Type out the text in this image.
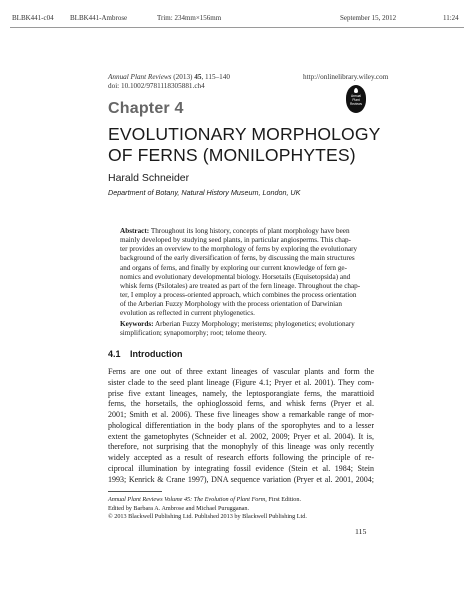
BLBK441-c04 BLBK441-Ambrose	Trim: 234mm×156mm	September 15, 2012	11:24
Annual Plant Reviews (2013) 45, 115–140
doi: 10.1002/9781118305881.ch4
http://onlinelibrary.wiley.com
Annual
Plant
Reviews
Chapter 4
EVOLUTIONARY MORPHOLOGY
OF FERNS (MONILOPHYTES)
Harald Schneider
Department of Botany, Natural History Museum, London, UK
Abstract: Throughout its long history, concepts of plant morphology have been
mainly developed by studying seed plants, in particular angiosperms. This chap-
ter provides an overview to the morphology of ferns by exploring the evolutionary
background of the early diversification of ferns, by discussing the main structures
and organs of ferns, and finally by exploring our current knowledge of fern ge-
nomics and evolutionary developmental biology. Horsetails (Equisetopsida) and
whisk ferns (Psilotales) are treated as part of the fern lineage. Throughout the chap-
ter, I employ a process-oriented approach, which combines the process orientation
of the Arberian Fuzzy Morphology with the process orientation of Darwinian
evolution as reflected in current phylogenetics.
Keywords: Arberian Fuzzy Morphology; meristems; phylogenetics; evolutionary
simplification; synapomorphy; root; telome theory.
4.1 Introduction
Ferns are one out of three extant lineages of vascular plants and form the
sister clade to the seed plant lineage (Figure 4.1; Pryer et al. 2001). They com-
prise five extant lineages, namely, the leptosporangiate ferns, the marattioid
ferns, the horsetails, the ophioglossoid ferns, and whisk ferns (Pryer et al.
2001; Smith et al. 2006). These five lineages show a remarkable range of mor-
phological differentiation in the body plans of the sporophytes and to a lesser
extent the gametophytes (Schneider et al. 2002, 2009; Pryer et al. 2004). It is,
therefore, not surprising that the monophyly of this lineage was only recently
widely accepted as a result of research efforts following the principle of re-
ciprocal illumination by integrating fossil evidence (Stein et al. 1984; Stein
1993; Kenrick & Crane 1997), DNA sequence variation (Pryer et al. 2001, 2004;
Annual Plant Reviews Volume 45: The Evolution of Plant Form, First Edition.
Edited by Barbara A. Ambrose and Michael Purugganan.
© 2013 Blackwell Publishing Ltd. Published 2013 by Blackwell Publishing Ltd.
115
